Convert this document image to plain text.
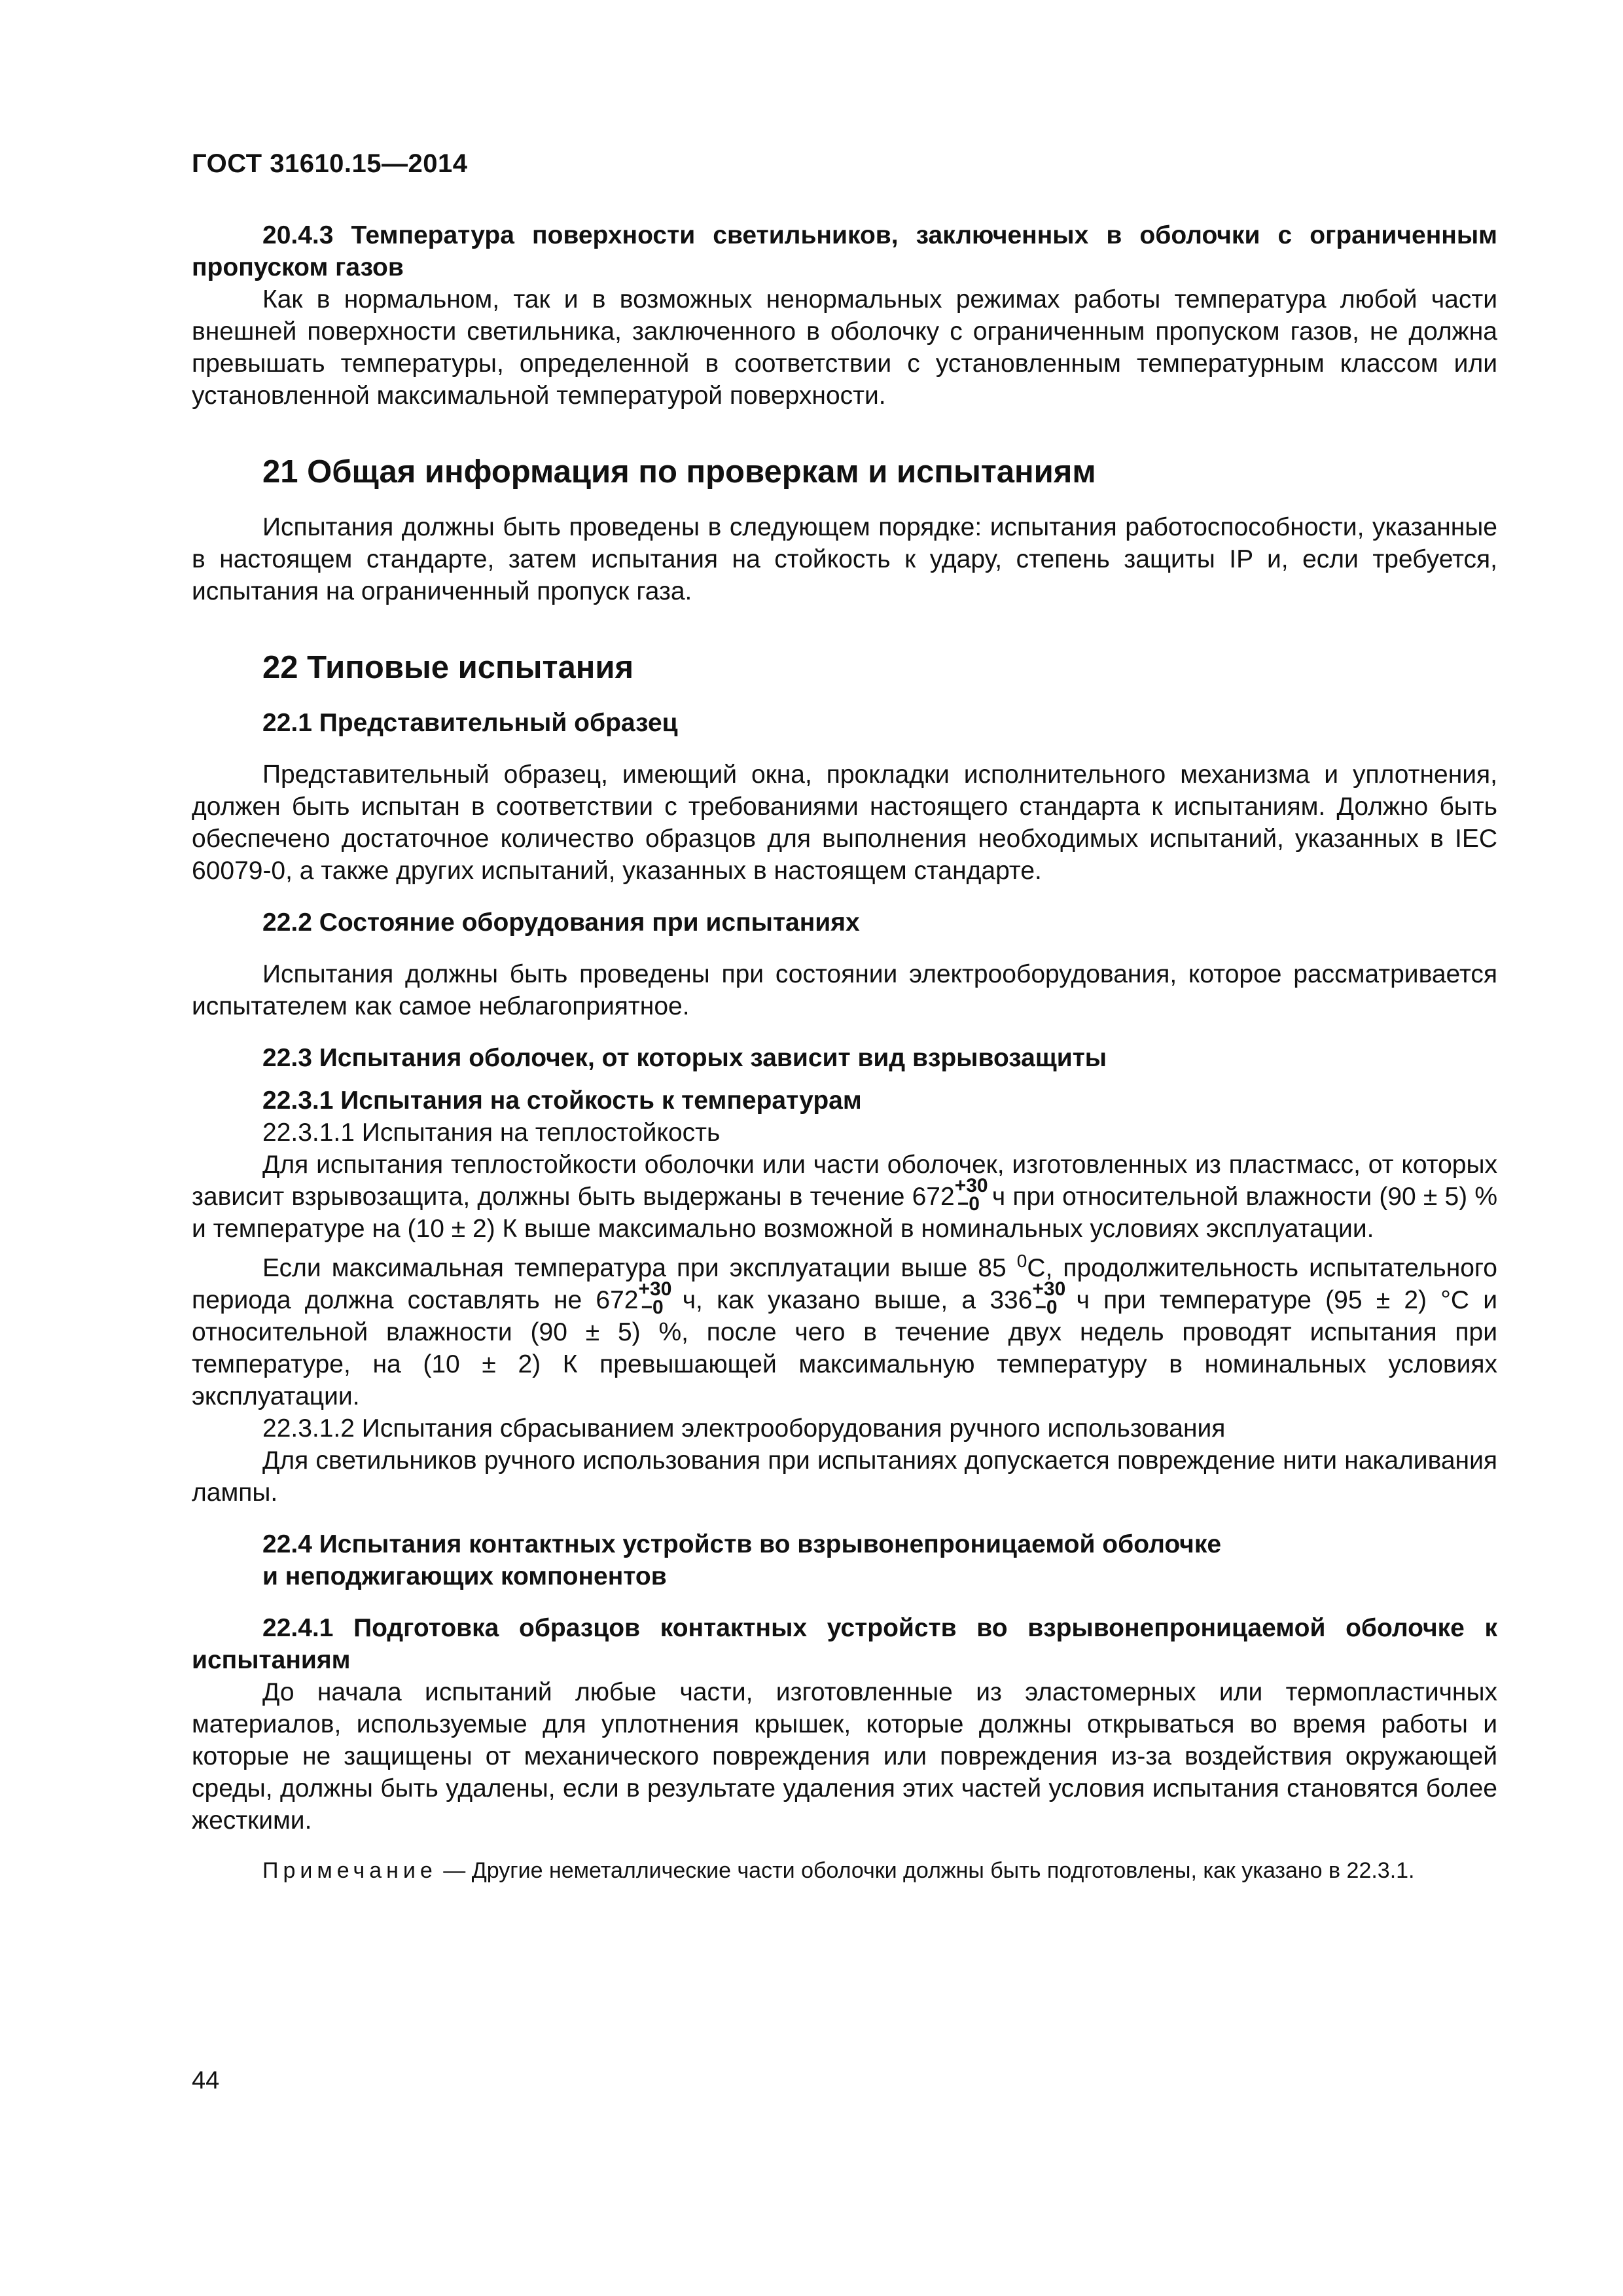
ГОСТ 31610.15—2014

20.4.3 Температура поверхности светильников, заключенных в оболочки с ограниченным пропуском газов

Как в нормальном, так и в возможных ненормальных режимах работы температура любой части внешней поверхности светильника, заключенного в оболочку с ограниченным пропуском газов, не должна превышать температуры, определенной в соответствии с установленным температурным классом или установленной максимальной температурой поверхности.

21 Общая информация по проверкам и испытаниям

Испытания должны быть проведены в следующем порядке: испытания работоспособности, указанные в настоящем стандарте, затем испытания на стойкость к удару, степень защиты IP и, если требуется, испытания на ограниченный пропуск газа.

22 Типовые испытания

22.1 Представительный образец

Представительный образец, имеющий окна, прокладки исполнительного механизма и уплотнения, должен быть испытан в соответствии с требованиями настоящего стандарта к испытаниям. Должно быть обеспечено достаточное количество образцов для выполнения необходимых испытаний, указанных в IEC 60079-0, а также других испытаний, указанных в настоящем стандарте.

22.2 Состояние оборудования при испытаниях

Испытания должны быть проведены при состоянии электрооборудования, которое рассматривается испытателем как самое неблагоприятное.

22.3 Испытания оболочек, от которых зависит вид взрывозащиты

22.3.1 Испытания на стойкость к температурам

22.3.1.1 Испытания на теплостойкость

Для испытания теплостойкости оболочки или части оболочек, изготовленных из пластмасс, от которых зависит взрывозащита, должны быть выдержаны в течение 672 +30
−0 ч при относительной влажности (90 ± 5) % и температуре на (10 ± 2) К выше максимально возможной в номинальных условиях эксплуатации.

Если максимальная температура при эксплуатации выше 85 $^0$С, продолжительность испытательного периода должна составлять не 672 +30
−0 ч, как указано выше, а 336 +30
−0 ч при температуре (95 ± 2) °С и относительной влажности (90 ± 5) %, после чего в течение двух недель проводят испытания при температуре, на (10 ± 2) К превышающей максимальную температуру в номинальных условиях эксплуатации.

22.3.1.2 Испытания сбрасыванием электрооборудования ручного использования

Для светильников ручного использования при испытаниях допускается повреждение нити накаливания лампы.

22.4 Испытания контактных устройств во взрывонепроницаемой оболочке

и неподжигающих компонентов

22.4.1 Подготовка образцов контактных устройств во взрывонепроницаемой оболочке к испытаниям

До начала испытаний любые части, изготовленные из эластомерных или термопластичных материалов, используемые для уплотнения крышек, которые должны открываться во время работы и которые не защищены от механического повреждения или повреждения из-за воздействия окружающей среды, должны быть удалены, если в результате удаления этих частей условия испытания становятся более жесткими.

Примечание — Другие неметаллические части оболочки должны быть подготовлены, как указано в 22.3.1.

44
